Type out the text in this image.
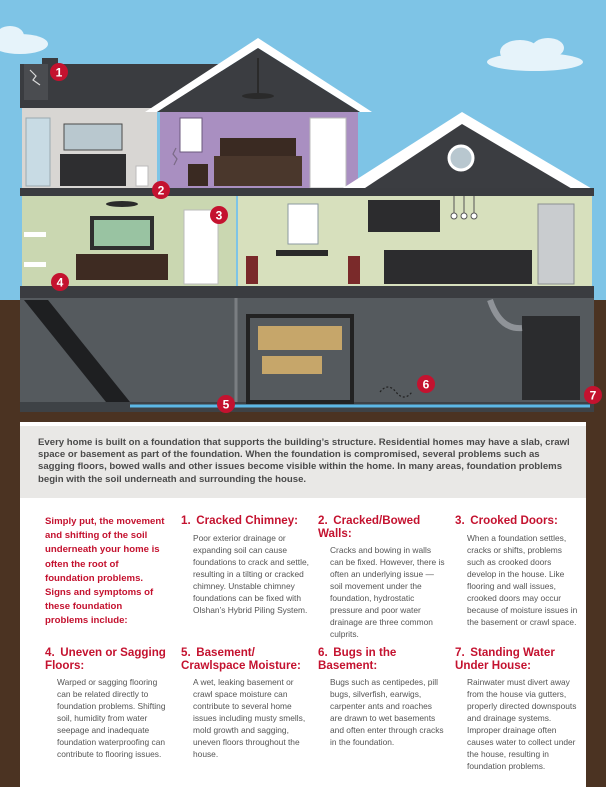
1
2
3
4
5
6
7

Every home is built on a foundation that supports the building’s structure. Residential homes may have a slab, crawl space or basement as part of the foundation. When the foundation is compromised, several problems such as sagging floors, bowed walls and other issues become visible within the home. In many areas, foundation problems begin with the soil underneath and surrounding the house.

Simply put, the movement and shifting of the soil underneath your home is often the root of foundation problems. Signs and symptoms of these foundation problems include:

1. Cracked Chimney:

Poor exterior drainage or expanding soil can cause foundations to crack and settle, resulting in a tilting or cracked chimney. Unstable chimney foundations can be fixed with Olshan’s Hybrid Piling System.

2. Cracked/Bowed Walls:

Cracks and bowing in walls can be fixed. However, there is often an underlying issue — soil movement under the foundation, hydrostatic pressure and poor water drainage are three common culprits.

3. Crooked Doors:

When a foundation settles, cracks or shifts, problems such as crooked doors develop in the house. Like flooring and wall issues, crooked doors may occur because of moisture issues in the basement or crawl space.

4. Uneven or Sagging Floors:

Warped or sagging flooring can be related directly to foundation problems. Shifting soil, humidity from water seepage and inadequate foundation waterproofing can contribute to flooring issues.

5. Basement/ Crawlspace Moisture:

A wet, leaking basement or crawl space moisture can contribute to several home issues including musty smells, mold growth and sagging, uneven floors throughout the house.

6. Bugs in the Basement:

Bugs such as centipedes, pill bugs, silverfish, earwigs, carpenter ants and roaches are drawn to wet basements and often enter through cracks in the foundation.

7. Standing Water Under House:

Rainwater must divert away from the house via gutters, properly directed downspouts and drainage systems. Improper drainage often causes water to collect under the house, resulting in foundation problems.
